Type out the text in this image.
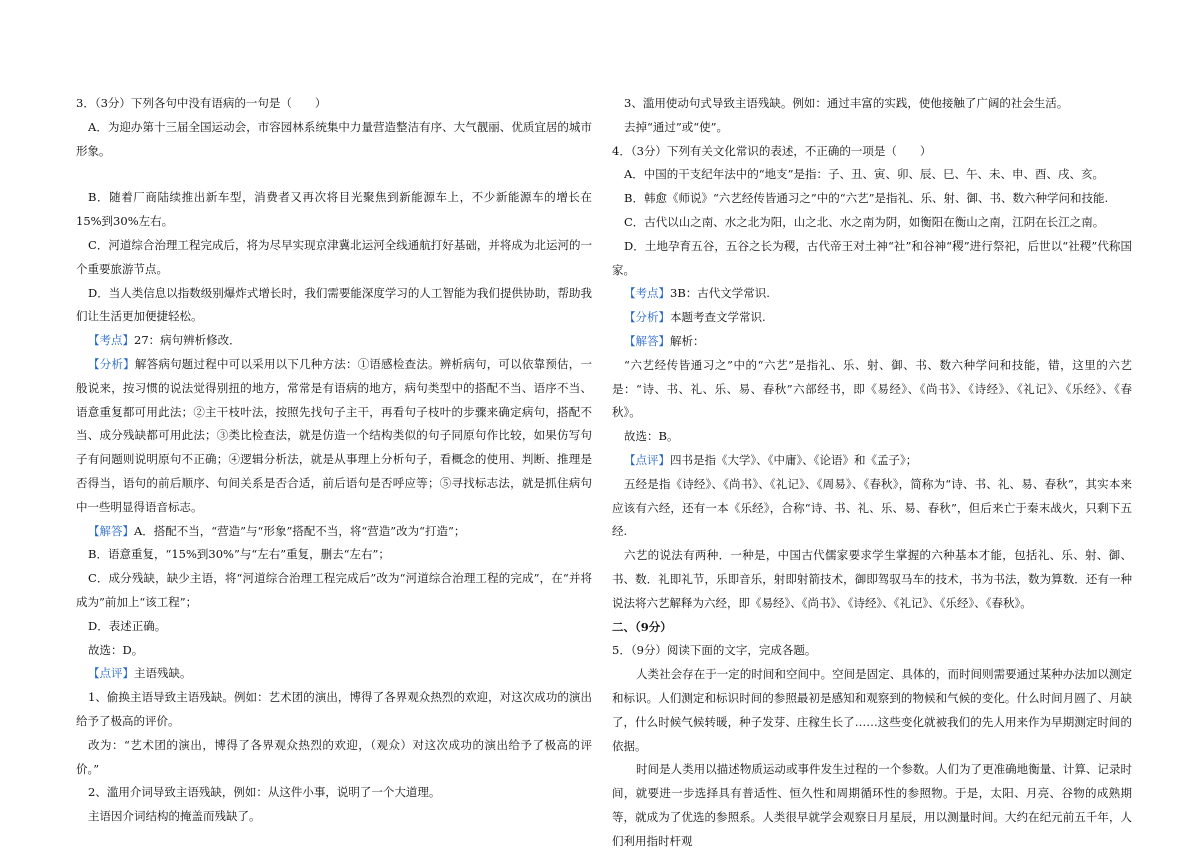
3．（3分）下列各句中没有语病的一句是（　　）

A．为迎办第十三届全国运动会，市容园林系统集中力量营造整洁有序、大气靓丽、优质宜居的城市形象。

B．随着厂商陆续推出新车型，消费者又再次将目光聚焦到新能源车上，不少新能源车的增长在15%到30%左右。

C．河道综合治理工程完成后，将为尽早实现京津冀北运河全线通航打好基础，并将成为北运河的一个重要旅游节点。

D．当人类信息以指数级别爆炸式增长时，我们需要能深度学习的人工智能为我们提供协助，帮助我们让生活更加便捷轻松。

【考点】27：病句辨析修改．

【分析】解答病句题过程中可以采用以下几种方法：①语感检查法。辨析病句，可以依靠预估，一般说来，按习惯的说法觉得别扭的地方，常常是有语病的地方，病句类型中的搭配不当、语序不当、语意重复都可用此法；②主干枝叶法，按照先找句子主干，再看句子枝叶的步骤来确定病句，搭配不当、成分残缺都可用此法；③类比检查法，就是仿造一个结构类似的句子同原句作比较，如果仿写句子有问题则说明原句不正确；④逻辑分析法，就是从事理上分析句子，看概念的使用、判断、推理是否得当，语句的前后顺序、句间关系是否合适，前后语句是否呼应等；⑤寻找标志法，就是抓住病句中一些明显得语音标志。

【解答】A．搭配不当，“营造”与“形象”搭配不当，将“营造”改为“打造”；

B．语意重复，“15%到30%”与“左右”重复，删去“左右”；

C．成分残缺，缺少主语，将“河道综合治理工程完成后”改为“河道综合治理工程的完成”，在“并将成为”前加上“该工程”；

D．表述正确。

故选：D。

【点评】主语残缺。

1、偷换主语导致主语残缺。例如：艺术团的演出，博得了各界观众热烈的欢迎，对这次成功的演出给予了极高的评价。

改为：“艺术团的演出，博得了各界观众热烈的欢迎，（观众）对这次成功的演出给予了极高的评价。”

2、滥用介词导致主语残缺，例如：从这件小事，说明了一个大道理。

主语因介词结构的掩盖而残缺了。

3、滥用使动句式导致主语残缺。例如：通过丰富的实践，使他接触了广阔的社会生活。

去掉“通过”或“使”。

4．（3分）下列有关文化常识的表述，不正确的一项是（　　）

A．中国的干支纪年法中的“地支”是指：子、丑、寅、卯、辰、巳、午、未、申、酉、戌、亥。

B．韩愈《师说》“六艺经传皆通习之”中的“六艺”是指礼、乐、射、御、书、数六种学问和技能.

C．古代以山之南、水之北为阳，山之北、水之南为阴，如衡阳在衡山之南，江阴在长江之南。

D．土地孕育五谷，五谷之长为稷，古代帝王对土神“社”和谷神“稷”进行祭祀，后世以“社稷”代称国家。

【考点】3B：古代文学常识.

【分析】本题考查文学常识.

【解答】解析：

“六艺经传皆通习之”中的“六艺”是指礼、乐、射、御、书、数六种学问和技能，错，这里的六艺是：“诗、书、礼、乐、易、春秋”六部经书，即《易经》、《尚书》、《诗经》、《礼记》、《乐经》、《春秋》。

故选：B。

【点评】四书是指《大学》、《中庸》、《论语》和《孟子》；

五经是指《诗经》、《尚书》、《礼记》、《周易》、《春秋》，简称为“诗、书、礼、易、春秋”，其实本来应该有六经，还有一本《乐经》，合称“诗、书、礼、乐、易、春秋”，但后来亡于秦末战火，只剩下五经.

六艺的说法有两种．一种是，中国古代儒家要求学生掌握的六种基本才能，包括礼、乐、射、御、书、数．礼即礼节，乐即音乐，射即射箭技术，御即驾驭马车的技术，书为书法，数为算数．还有一种说法将六艺解释为六经，即《易经》、《尚书》、《诗经》、《礼记》、《乐经》、《春秋》。

二、（9分）

5．（9分）阅读下面的文字，完成各题。

人类社会存在于一定的时间和空间中。空间是固定、具体的，而时间则需要通过某种办法加以测定和标识。人们测定和标识时间的参照最初是感知和观察到的物候和气候的变化。什么时间月圆了、月缺了，什么时候气候转暖，种子发芽、庄稼生长了……这些变化就被我们的先人用来作为早期测定时间的依据。

时间是人类用以描述物质运动或事件发生过程的一个参数。人们为了更准确地衡量、计算、记录时间，就要进一步选择具有普适性、恒久性和周期循环性的参照物。于是，太阳、月亮、谷物的成熟期等，就成为了优选的参照系。人类很早就学会观察日月星辰，用以测量时间。大约在纪元前五千年，人们利用指时杆观
